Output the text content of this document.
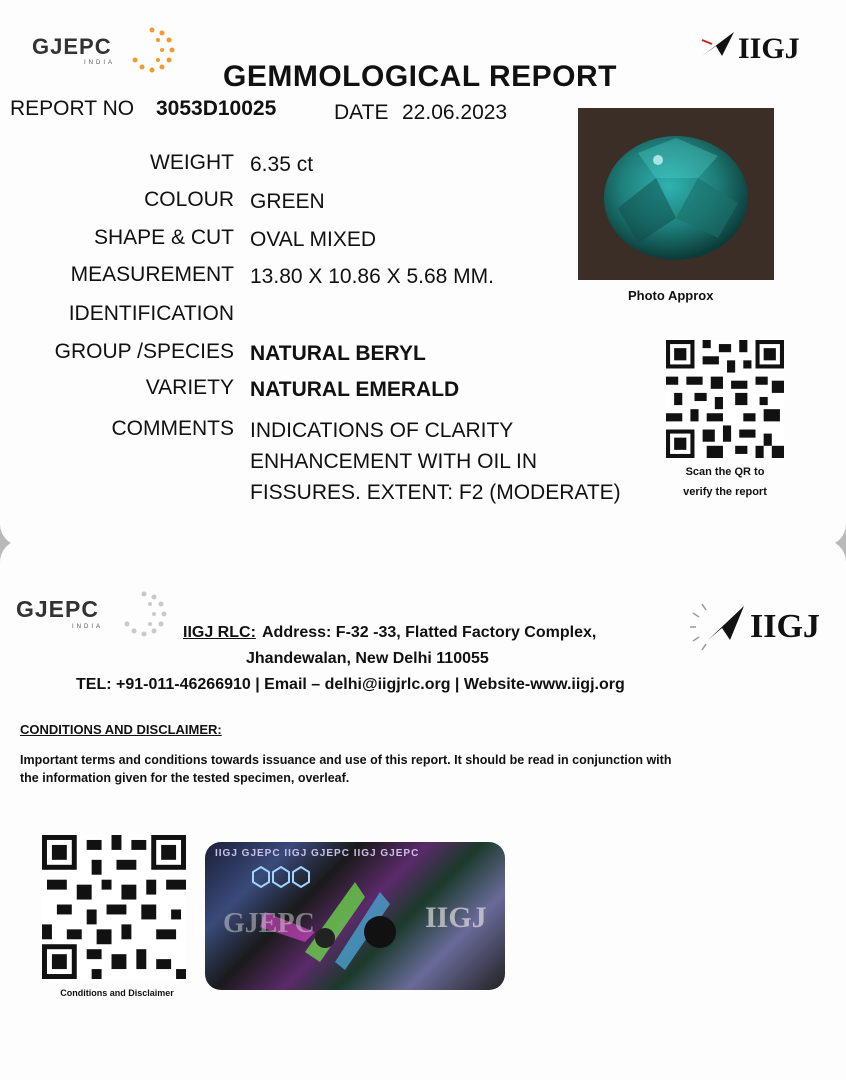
GJEPC
INDIA	IIGJ
GEMMOLOGICAL REPORT
REPORT NO 3053D10025	DATE 22.06.2023
WEIGHT 6.35 ct
COLOUR GREEN
SHAPE & CUT OVAL MIXED
MEASUREMENT 13.80 X 10.86 X 5.68 MM.
IDENTIFICATION
GROUP /SPECIES NATURAL BERYL
VARIETY NATURAL EMERALD
COMMENTS INDICATIONS OF CLARITY
ENHANCEMENT WITH OIL IN
FISSURES. EXTENT: F2 (MODERATE)
Photo Approx
Scan the QR to
verify the report
GJEPC
INDIA	IIGJ
IIGJ RLC: Address: F-32 -33, Flatted Factory Complex,
Jhandewalan, New Delhi 110055
TEL: +91-011-46266910 | Email – delhi@iigjrlc.org | Website-www.iigj.org
CONDITIONS AND DISCLAIMER:
Important terms and conditions towards issuance and use of this report. It should be read in conjunction with
the information given for the tested specimen, overleaf.
Conditions and Disclaimer
IIGJ GJEPC IIGJ GJEPC IIGJ GJEPC
IIGJ
GJEPC
